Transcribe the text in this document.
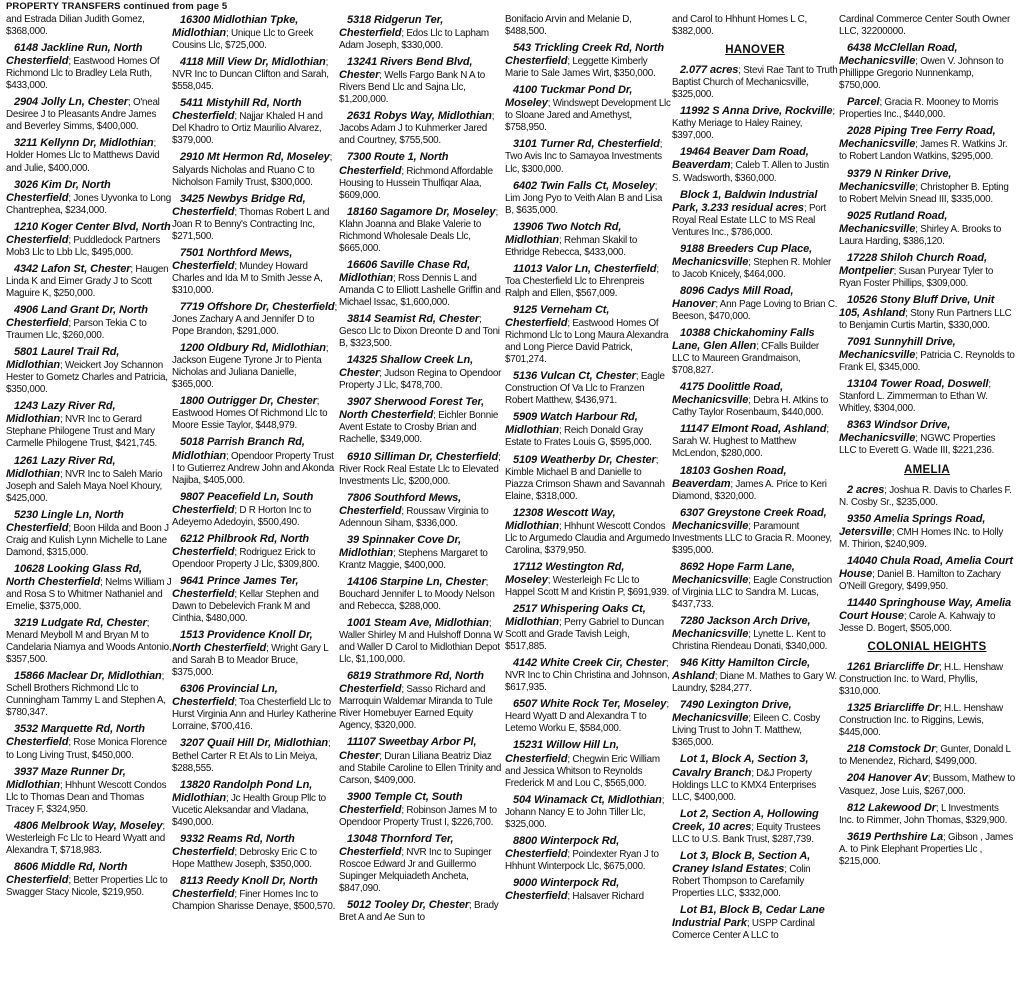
PROPERTY TRANSFERS continued from page 5
and Estrada Dilian Judith Gomez, $368,000.
6148 Jackline Run, North Chesterfield; Eastwood Homes Of Richmond Llc to Bradley Lela Ruth, $433,000.
2904 Jolly Ln, Chester; O'neal Desiree J to Pleasants Andre James and Beverley Simms, $400,000.
3211 Kellynn Dr, Midlothian; Holder Homes Llc to Matthews David and Julie, $400,000.
3026 Kim Dr, North Chesterfield; Jones Uyvonka to Long Chantrephea, $234,000.
1210 Koger Center Blvd, North Chesterfield; Puddledock Partners Mob3 Llc to Lbb Llc, $495,000.
4342 Lafon St, Chester; Haugen Linda K and Eimer Grady J to Scott Maguire K, $250,000.
4906 Land Grant Dr, North Chesterfield; Parson Tekia C to Traumen Llc, $260,000.
5801 Laurel Trail Rd, Midlothian; Weickert Joy Schannon Hester to Gometz Charles and Patricia, $350,000.
1243 Lazy River Rd, Midlothian; NVR Inc to Gerard Stephane Philogene Trust and Mary Carmelle Philogene Trust, $421,745.
1261 Lazy River Rd, Midlothian; NVR Inc to Saleh Mario Joseph and Saleh Maya Noel Khoury, $425,000.
5230 Lingle Ln, North Chesterfield; Boon Hilda and Boon J Craig and Kulish Lynn Michelle to Lane Damond, $315,000.
10628 Looking Glass Rd, North Chesterfield; Nelms William J and Rosa S to Whitmer Nathaniel and Emelie, $375,000.
3219 Ludgate Rd, Chester; Menard Meyboll M and Bryan M to Candelaria Niamya and Woods Antonio, $357,500.
15866 Maclear Dr, Midlothian; Schell Brothers Richmond Llc to Cunningham Tammy L and Stephen A, $780,347.
3532 Marquette Rd, North Chesterfield; Rose Monica Florence to Long Living Trust, $450,000.
3937 Maze Runner Dr, Midlothian; Hhhunt Wescott Condos Llc to Thomas Dean and Thomas Tracey F, $324,950.
4806 Melbrook Way, Moseley; Westerleigh Fc Llc to Heard Wyatt and Alexandra T, $718,983.
8606 Middle Rd, North Chesterfield; Better Properties Llc to Swagger Stacy Nicole, $219,950.
16300 Midlothian Tpke, Midlothian; Unique Llc to Greek Cousins Llc, $725,000.
4118 Mill View Dr, Midlothian; NVR Inc to Duncan Clifton and Sarah, $558,045.
5411 Mistyhill Rd, North Chesterfield; Najjar Khaled H and Del Khadro to Ortiz Maurilio Alvarez, $379,000.
2910 Mt Hermon Rd, Moseley; Salyards Nicholas and Ruano C to Nicholson Family Trust, $300,000.
3425 Newbys Bridge Rd, Chesterfield; Thomas Robert L and Joan R to Benny's Contracting Inc, $271,500.
7501 Northford Mews, Chesterfield; Mundey Howard Charles and Ida M to Smith Jesse A, $310,000.
7719 Offshore Dr, Chesterfield; Jones Zachary A and Jennifer D to Pope Brandon, $291,000.
1200 Oldbury Rd, Midlothian; Jackson Eugene Tyrone Jr to Pienta Nicholas and Juliana Danielle, $365,000.
1800 Outrigger Dr, Chester; Eastwood Homes Of Richmond Llc to Moore Essie Taylor, $448,979.
5018 Parrish Branch Rd, Midlothian; Opendoor Property Trust I to Gutierrez Andrew John and Akonda Najiba, $405,000.
9807 Peacefield Ln, South Chesterfield; D R Horton Inc to Adeyemo Adedoyin, $500,490.
6212 Philbrook Rd, North Chesterfield; Rodriguez Erick to Opendoor Property J Llc, $309,800.
9641 Prince James Ter, Chesterfield; Kellar Stephen and Dawn to Debelevich Frank M and Cinthia, $480,000.
1513 Providence Knoll Dr, North Chesterfield; Wright Gary L and Sarah B to Meador Bruce, $375,000.
6306 Provincial Ln, Chesterfield; Toa Chesterfield Llc to Hurst Virginia Ann and Hurley Katherine Lorraine, $700,416.
3207 Quail Hill Dr, Midlothian; Bethel Carter R Et Als to Lin Meiya, $288,555.
13820 Randolph Pond Ln, Midlothian; Jc Health Group Pllc to Vucetic Aleksandar and Vladana, $490,000.
9332 Reams Rd, North Chesterfield; Debrosky Eric C to Hope Matthew Joseph, $350,000.
8113 Reedy Knoll Dr, North Chesterfield; Finer Homes Inc to Champion Sharisse Denaye, $500,570.
5318 Ridgerun Ter, Chesterfield; Edos Llc to Lapham Adam Joseph, $330,000.
13241 Rivers Bend Blvd, Chester; Wells Fargo Bank N A to Rivers Bend Llc and Sajna Llc, $1,200,000.
2631 Robys Way, Midlothian; Jacobs Adam J to Kuhmerker Jared and Courtney, $755,500.
7300 Route 1, North Chesterfield; Richmond Affordable Housing to Hussein Thulfiqar Alaa, $609,000.
18160 Sagamore Dr, Moseley; Klahn Joanna and Blake Valerie to Richmond Wholesale Deals Llc, $665,000.
16606 Saville Chase Rd, Midlothian; Ross Dennis L and Amanda C to Elliott Lashelle Griffin and Michael Issac, $1,600,000.
3814 Seamist Rd, Chester; Gesco Llc to Dixon Dreonte D and Toni B, $323,500.
14325 Shallow Creek Ln, Chester; Judson Regina to Opendoor Property J Llc, $478,700.
3907 Sherwood Forest Ter, North Chesterfield; Eichler Bonnie Avent Estate to Crosby Brian and Rachelle, $349,000.
6910 Silliman Dr, Chesterfield; River Rock Real Estate Llc to Elevated Investments Llc, $200,000.
7806 Southford Mews, Chesterfield; Roussaw Virginia to Adennoun Siham, $336,000.
39 Spinnaker Cove Dr, Midlothian; Stephens Margaret to Krantz Maggie, $400,000.
14106 Starpine Ln, Chester; Bouchard Jennifer L to Moody Nelson and Rebecca, $288,000.
1001 Steam Ave, Midlothian; Waller Shirley M and Hulshoff Donna W and Waller D Carol to Midlothian Depot Llc, $1,100,000.
6819 Strathmore Rd, North Chesterfield; Sasso Richard and Marroquin Waldemar Miranda to Tule River Homebuyer Earned Equity Agency, $320,000.
11107 Sweetbay Arbor Pl, Chester; Duran Liliana Beatriz Diaz and Stabile Caroline to Ellen Trinity and Carson, $409,000.
3900 Temple Ct, South Chesterfield; Robinson James M to Opendoor Property Trust I, $226,700.
13048 Thornford Ter, Chesterfield; NVR Inc to Supinger Roscoe Edward Jr and Guillermo Supinger Melquiadeth Ancheta, $847,090.
5012 Tooley Dr, Chester; Brady Bret A and Ae Sun to
Bonifacio Arvin and Melanie D, $488,500.
543 Trickling Creek Rd, North Chesterfield; Leggette Kimberly Marie to Sale James Wirt, $350,000.
4100 Tuckmar Pond Dr, Moseley; Windswept Development Llc to Sloane Jared and Amethyst, $758,950.
3101 Turner Rd, Chesterfield; Two Avis Inc to Samayoa Investments Llc, $300,000.
6402 Twin Falls Ct, Moseley; Lim Jong Pyo to Veith Alan B and Lisa B, $635,000.
13906 Two Notch Rd, Midlothian; Rehman Skakil to Ethridge Rebecca, $433,000.
11013 Valor Ln, Chesterfield; Toa Chesterfield Llc to Ehrenpreis Ralph and Ellen, $567,009.
9125 Verneham Ct, Chesterfield; Eastwood Homes Of Richmond Llc to Long Maura Alexandra and Long Pierce David Patrick, $701,274.
5136 Vulcan Ct, Chester; Eagle Construction Of Va Llc to Franzen Robert Matthew, $436,971.
5909 Watch Harbour Rd, Midlothian; Reich Donald Gray Estate to Frates Louis G, $595,000.
5109 Weatherby Dr, Chester; Kimble Michael B and Danielle to Piazza Crimson Shawn and Savannah Elaine, $318,000.
12308 Wescott Way, Midlothian; Hhhunt Wescott Condos Llc to Argumedo Claudia and Argumedo Carolina, $379,950.
17112 Westington Rd, Moseley; Westerleigh Fc Llc to Happel Scott M and Kristin P, $691,939.
2517 Whispering Oaks Ct, Midlothian; Perry Gabriel to Duncan Scott and Grade Tavish Leigh, $517,885.
4142 White Creek Cir, Chester; NVR Inc to Chin Christina and Johnson, $617,935.
6507 White Rock Ter, Moseley; Heard Wyatt D and Alexandra T to Letemo Worku E, $584,000.
15231 Willow Hill Ln, Chesterfield; Chegwin Eric William and Jessica Whitson to Reynolds Frederick M and Lou C, $565,000.
504 Winamack Ct, Midlothian; Johann Nancy E to John Tiller Llc, $325,000.
8800 Winterpock Rd, Chesterfield; Poindexter Ryan J to Hhhunt Winterpock Llc, $675,000.
9000 Winterpock Rd, Chesterfield; Halsaver Richard
and Carol to Hhhunt Homes L C, $382,000.
HANOVER
2.077 acres; Stevi Rae Tant to Truth Baptist Church of Mechanicsville, $325,000.
11992 S Anna Drive, Rockville; Kathy Meriage to Haley Rainey, $397,000.
19464 Beaver Dam Road, Beaverdam; Caleb T. Allen to Justin S. Wadsworth, $360,000.
Block 1, Baldwin Industrial Park, 3.233 residual acres; Port Royal Real Estate LLC to MS Real Ventures Inc., $786,000.
9188 Breeders Cup Place, Mechanicsville; Stephen R. Mohler to Jacob Knicely, $464,000.
8096 Cadys Mill Road, Hanover; Ann Page Loving to Brian C. Beeson, $470,000.
10388 Chickahominy Falls Lane, Glen Allen; CFalls Builder LLC to Maureen Grandmaison, $708,827.
4175 Doolittle Road, Mechanicsville; Debra H. Atkins to Cathy Taylor Rosenbaum, $440,000.
11147 Elmont Road, Ashland; Sarah W. Hughest to Matthew McLendon, $280,000.
18103 Goshen Road, Beaverdam; James A. Price to Keri Diamond, $320,000.
6307 Greystone Creek Road, Mechanicsville; Paramount Investments LLC to Gracia R. Mooney, $395,000.
8692 Hope Farm Lane, Mechanicsville; Eagle Construction of Virginia LLC to Sandra M. Lucas, $437,733.
7280 Jackson Arch Drive, Mechanicsville; Lynette L. Kent to Christina Riendeau Donati, $340,000.
946 Kitty Hamilton Circle, Ashland; Diane M. Mathes to Gary W. Laundry, $284,277.
7490 Lexington Drive, Mechanicsville; Eileen C. Cosby Living Trust to John T. Matthew, $365,000.
Lot 1, Block A, Section 3, Cavalry Branch; D&J Property Holdings LLC to KMX4 Enterprises LLC, $400,000.
Lot 2, Section A, Hollowing Creek, 10 acres; Equity Trustees LLC to U.S. Bank Trust, $287,739.
Lot 3, Block B, Section A, Craney Island Estates; Colin Robert Thompson to Carefamily Properties LLC, $332,000.
Lot B1, Block B, Cedar Lane Industrial Park; USPP Cardinal Comerce Center A LLC to
Cardinal Commerce Center South Owner LLC, 32200000.
6438 McClellan Road, Mechanicsville; Owen V. Johnson to Phillippe Gregorio Nunnenkamp, $750,000.
Parcel; Gracia R. Mooney to Morris Properties Inc., $440,000.
2028 Piping Tree Ferry Road, Mechanicsville; James R. Watkins Jr. to Robert Landon Watkins, $295,000.
9379 N Rinker Drive, Mechanicsville; Christopher B. Epting to Robert Melvin Snead III, $335,000.
9025 Rutland Road, Mechanicsville; Shirley A. Brooks to Laura Harding, $386,120.
17228 Shiloh Church Road, Montpelier; Susan Puryear Tyler to Ryan Foster Phillips, $309,000.
10526 Stony Bluff Drive, Unit 105, Ashland; Stony Run Partners LLC to Benjamin Curtis Martin, $330,000.
7091 Sunnyhill Drive, Mechanicsville; Patricia C. Reynolds to Frank El, $345,000.
13104 Tower Road, Doswell; Stanford L. Zimmerman to Ethan W. Whitley, $304,000.
8363 Windsor Drive, Mechanicsville; NGWC Properties LLC to Everett G. Wade III, $221,236.
AMELIA
2 acres; Joshua R. Davis to Charles F. N. Cosby Sr., $235,000.
9350 Amelia Springs Road, Jetersville; CMH Homes INc. to Holly M. Thirion, $240,909.
14040 Chula Road, Amelia Court House; Daniel B. Hamilton to Zachary O'Neill Gregory, $499,950.
11440 Springhouse Way, Amelia Court House; Carole A. Kahwajy to Jesse D. Bogert, $505,000.
COLONIAL HEIGHTS
1261 Briarcliffe Dr; H.L. Henshaw Construction Inc. to Ward, Phyllis, $310,000.
1325 Briarcliffe Dr; H.L. Henshaw Construction Inc. to Riggins, Lewis, $445,000.
218 Comstock Dr; Gunter, Donald L to Menendez, Richard, $499,000.
204 Hanover Av; Bussom, Mathew to Vasquez, Jose Luis, $267,000.
812 Lakewood Dr; L Investments Inc. to Rimmer, John Thomas, $329,900.
3619 Perthshire La; Gibson , James A. to Pink Elephant Properties Llc , $215,000.
